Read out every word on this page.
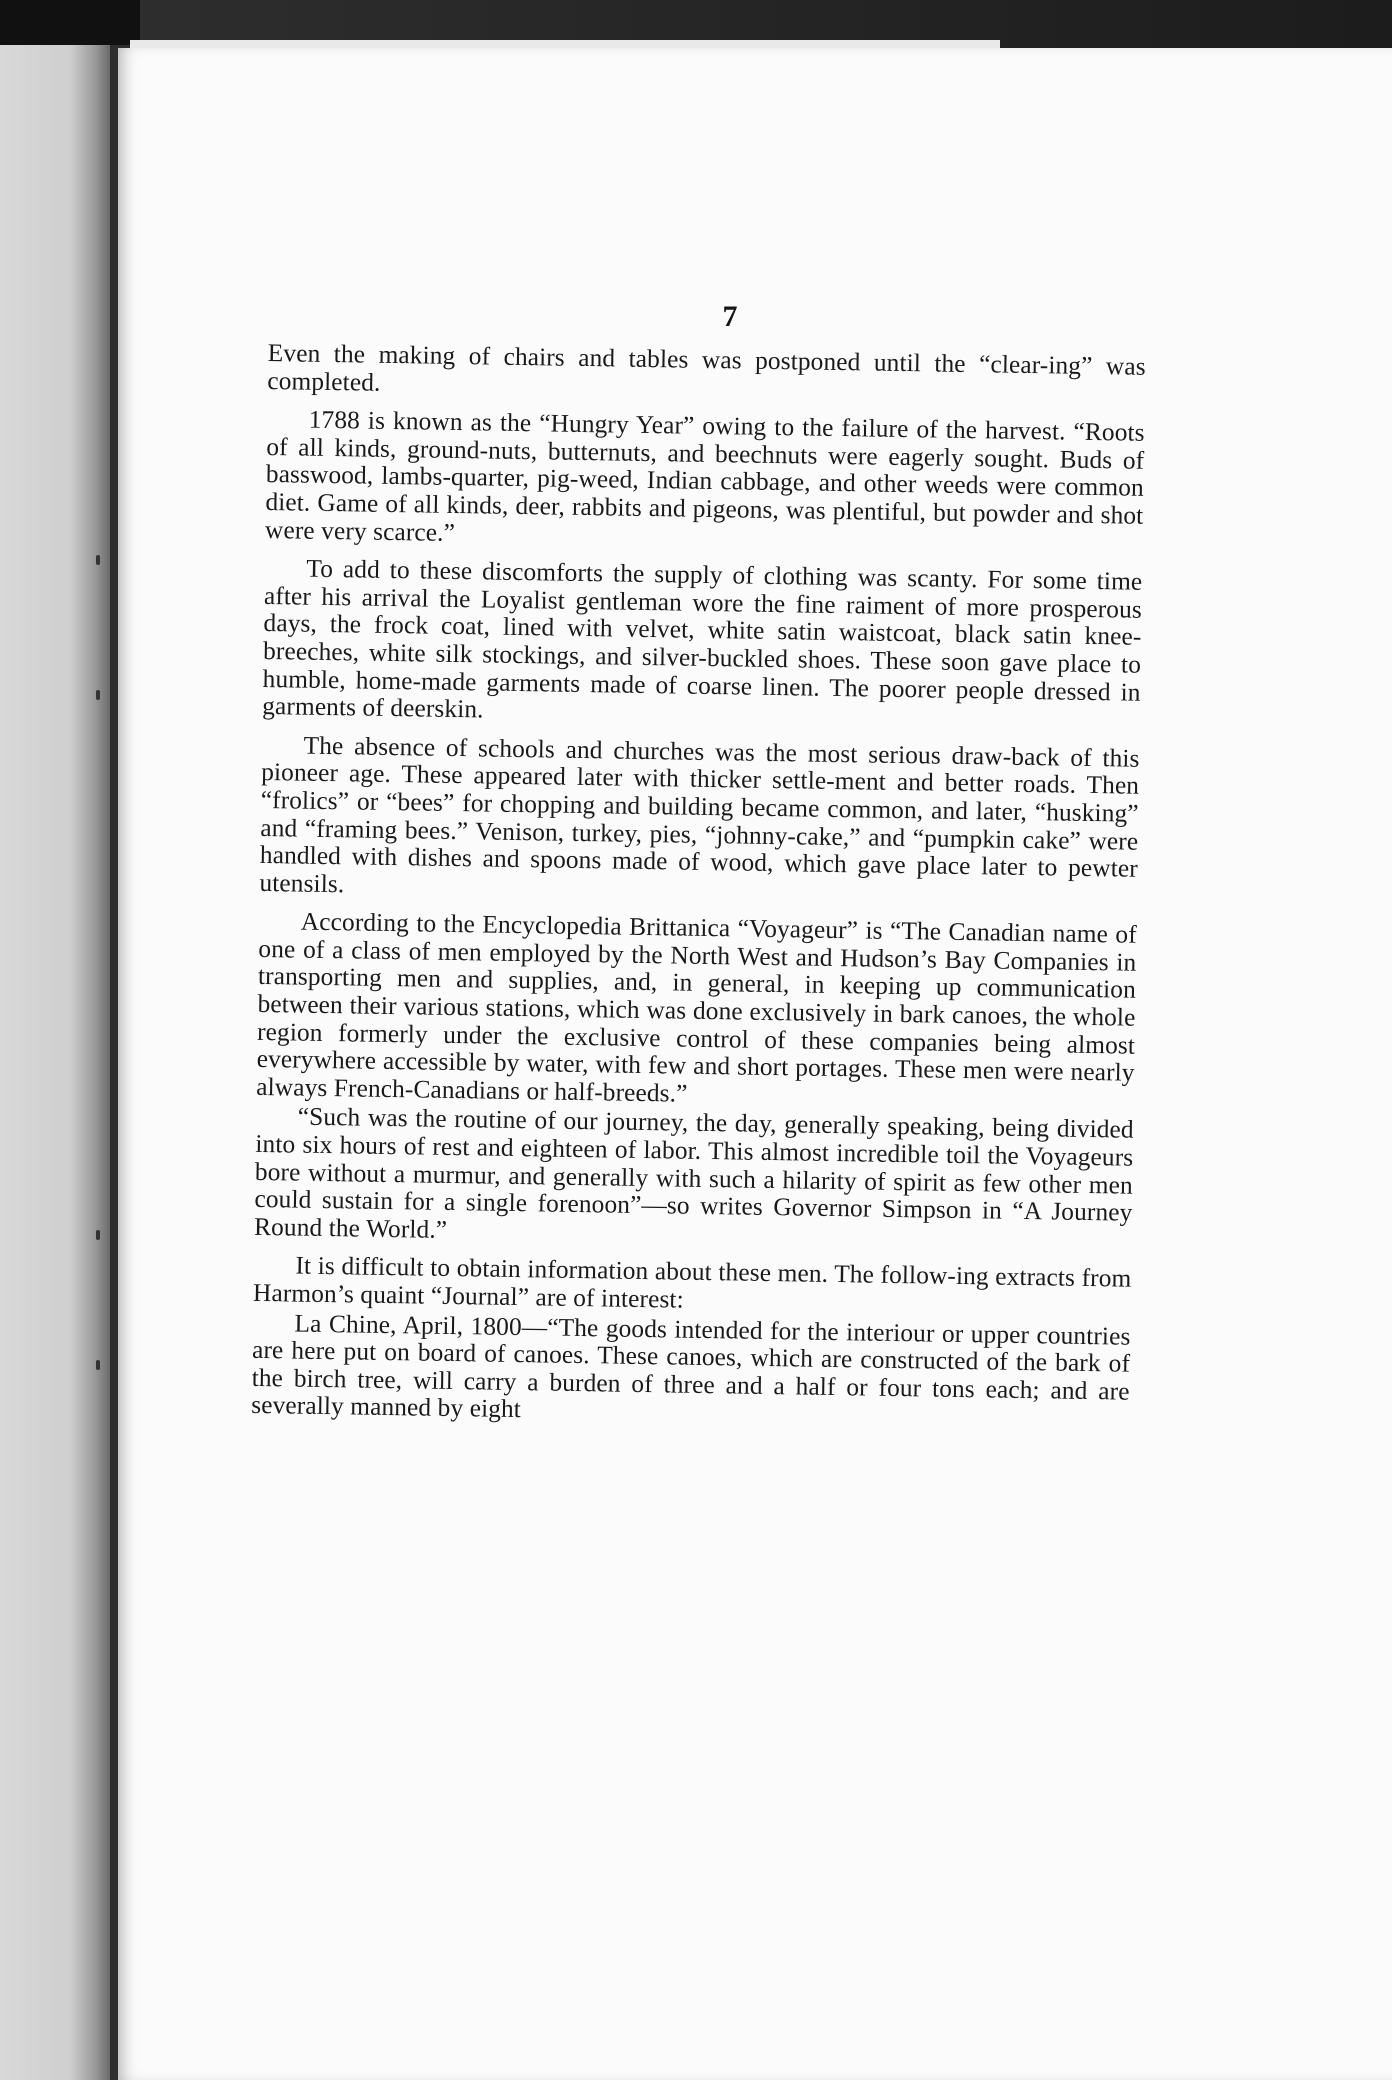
7

Even the making of chairs and tables was postponed until the “clear-ing” was completed.

1788 is known as the “Hungry Year” owing to the failure of the harvest. “Roots of all kinds, ground-nuts, butternuts, and beechnuts were eagerly sought. Buds of basswood, lambs-quarter, pig-weed, Indian cabbage, and other weeds were common diet. Game of all kinds, deer, rabbits and pigeons, was plentiful, but powder and shot were very scarce.”

To add to these discomforts the supply of clothing was scanty. For some time after his arrival the Loyalist gentleman wore the fine raiment of more prosperous days, the frock coat, lined with velvet, white satin waistcoat, black satin knee-breeches, white silk stockings, and silver-buckled shoes. These soon gave place to humble, home-made garments made of coarse linen. The poorer people dressed in garments of deerskin.

The absence of schools and churches was the most serious draw-back of this pioneer age. These appeared later with thicker settle-ment and better roads. Then “frolics” or “bees” for chopping and building became common, and later, “husking” and “framing bees.” Venison, turkey, pies, “johnny-cake,” and “pumpkin cake” were handled with dishes and spoons made of wood, which gave place later to pewter utensils.

According to the Encyclopedia Brittanica “Voyageur” is “The Canadian name of one of a class of men employed by the North West and Hudson’s Bay Companies in transporting men and supplies, and, in general, in keeping up communication between their various stations, which was done exclusively in bark canoes, the whole region formerly under the exclusive control of these companies being almost everywhere accessible by water, with few and short portages. These men were nearly always French-Canadians or half-breeds.”

“Such was the routine of our journey, the day, generally speaking, being divided into six hours of rest and eighteen of labor. This almost incredible toil the Voyageurs bore without a murmur, and generally with such a hilarity of spirit as few other men could sustain for a single forenoon”—so writes Governor Simpson in “A Journey Round the World.”

It is difficult to obtain information about these men. The follow-ing extracts from Harmon’s quaint “Journal” are of interest:

La Chine, April, 1800—“The goods intended for the interiour or upper countries are here put on board of canoes. These canoes, which are constructed of the bark of the birch tree, will carry a burden of three and a half or four tons each; and are severally manned by eight
